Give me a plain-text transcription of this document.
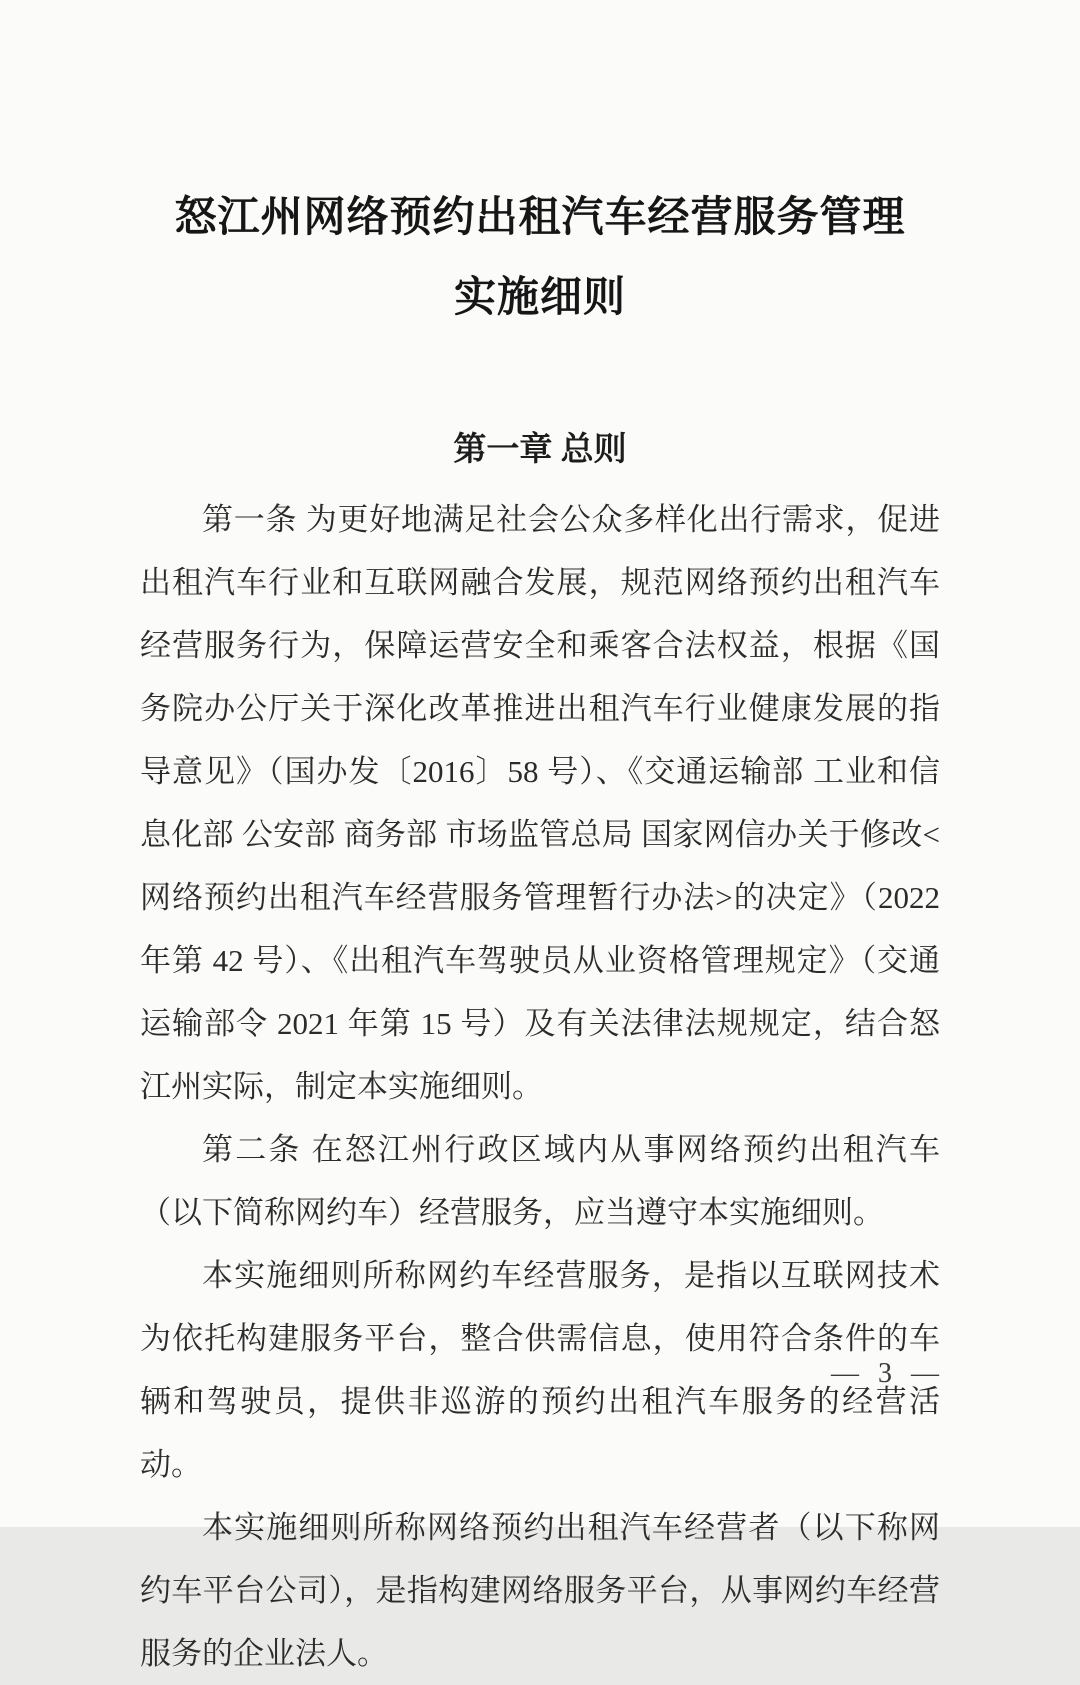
怒江州网络预约出租汽车经营服务管理
实施细则
第一章 总则

第一条 为更好地满足社会公众多样化出行需求，促进出租汽车行业和互联网融合发展，规范网络预约出租汽车经营服务行为，保障运营安全和乘客合法权益，根据《国务院办公厅关于深化改革推进出租汽车行业健康发展的指导意见》（国办发〔2016〕58 号）、《交通运输部 工业和信息化部 公安部 商务部 市场监管总局 国家网信办关于修改<网络预约出租汽车经营服务管理暂行办法>的决定》（2022 年第 42 号）、《出租汽车驾驶员从业资格管理规定》（交通运输部令 2021 年第 15 号）及有关法律法规规定，结合怒江州实际，制定本实施细则。

第二条 在怒江州行政区域内从事网络预约出租汽车（以下简称网约车）经营服务，应当遵守本实施细则。

本实施细则所称网约车经营服务，是指以互联网技术为依托构建服务平台，整合供需信息，使用符合条件的车辆和驾驶员，提供非巡游的预约出租汽车服务的经营活动。

本实施细则所称网络预约出租汽车经营者（以下称网约车平台公司），是指构建网络服务平台，从事网约车经营服务的企业法人。

— 3 —
